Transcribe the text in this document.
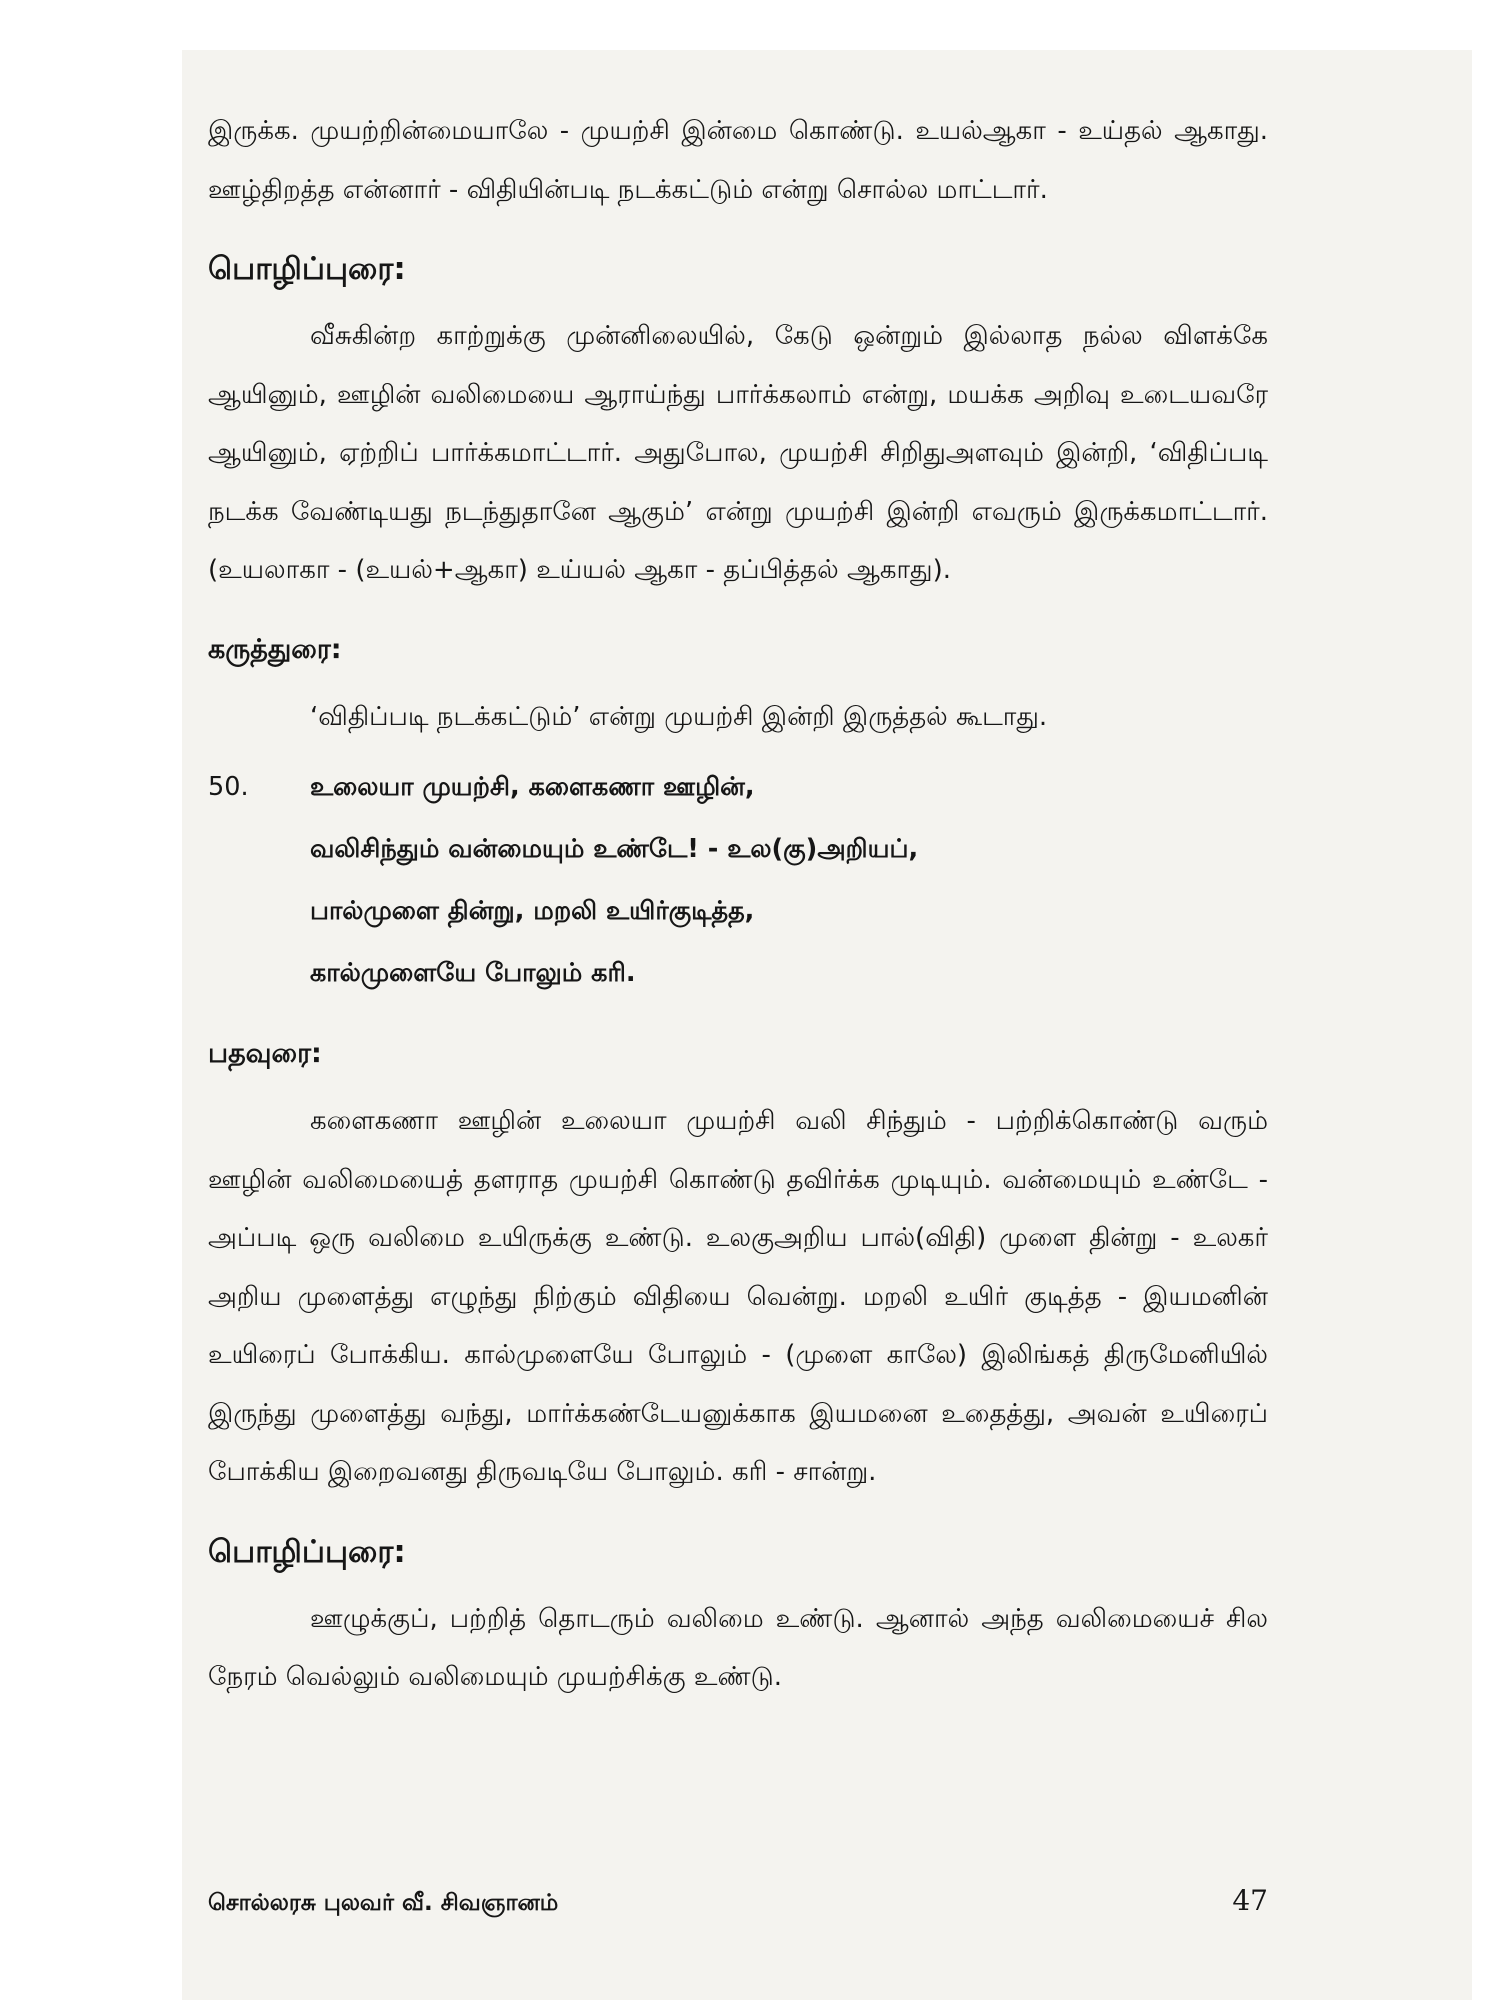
இருக்க. முயற்றின்மையாலே - முயற்சி இன்மை கொண்டு. உயல்ஆகா - உய்தல் ஆகாது. ஊழ்திறத்த என்னார் - விதியின்படி நடக்கட்டும் என்று சொல்ல மாட்டார்.

பொழிப்புரை:

வீசுகின்ற காற்றுக்கு முன்னிலையில், கேடு ஒன்றும் இல்லாத நல்ல விளக்கே ஆயினும், ஊழின் வலிமையை ஆராய்ந்து பார்க்கலாம் என்று, மயக்க அறிவு உடையவரே ஆயினும், ஏற்றிப் பார்க்கமாட்டார். அதுபோல, முயற்சி சிறிதுஅளவும் இன்றி, ‘விதிப்படி நடக்க வேண்டியது நடந்துதானே ஆகும்’ என்று முயற்சி இன்றி எவரும் இருக்கமாட்டார். (உயலாகா - (உயல்+ஆகா) உய்யல் ஆகா - தப்பித்தல் ஆகாது).

கருத்துரை:

‘விதிப்படி நடக்கட்டும்’ என்று முயற்சி இன்றி இருத்தல் கூடாது.

50.	உலையா முயற்சி, களைகணா ஊழின்,
வலிசிந்தும் வன்மையும் உண்டே! - உல(கு)அறியப்,
பால்முளை தின்று, மறலி உயிர்குடித்த,
கால்முளையே போலும் கரி.
பதவுரை:

களைகணா ஊழின் உலையா முயற்சி வலி சிந்தும் - பற்றிக்கொண்டு வரும் ஊழின் வலிமையைத் தளராத முயற்சி கொண்டு தவிர்க்க முடியும். வன்மையும் உண்டே - அப்படி ஒரு வலிமை உயிருக்கு உண்டு. உலகுஅறிய பால்(விதி) முளை தின்று - உலகர் அறிய முளைத்து எழுந்து நிற்கும் விதியை வென்று. மறலி உயிர் குடித்த - இயமனின் உயிரைப் போக்கிய. கால்முளையே போலும் - (முளை காலே) இலிங்கத் திருமேனியில் இருந்து முளைத்து வந்து, மார்க்கண்டேயனுக்காக இயமனை உதைத்து, அவன் உயிரைப் போக்கிய இறைவனது திருவடியே போலும். கரி - சான்று.

பொழிப்புரை:

ஊழுக்குப், பற்றித் தொடரும் வலிமை உண்டு. ஆனால் அந்த வலிமையைச் சில நேரம் வெல்லும் வலிமையும் முயற்சிக்கு உண்டு.

சொல்லரசு புலவர் வீ. சிவஞானம்	47
